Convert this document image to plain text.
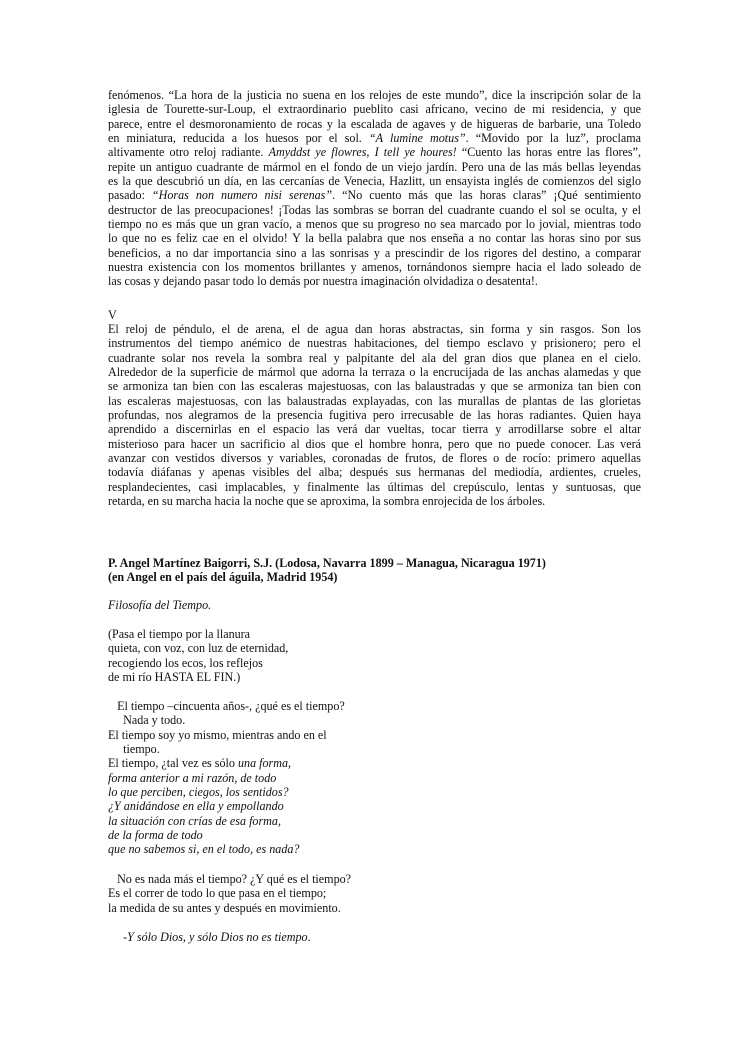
fenómenos. “La hora de la justicia no suena en los relojes de este mundo”, dice la inscripción solar de la
iglesia de Tourette-sur-Loup, el extraordinario pueblito casi africano, vecino de mi residencia, y que
parece, entre el desmoronamiento de rocas y la escalada de agaves y de higueras de barbarie, una Toledo
en miniatura, reducida a los huesos por el sol. “A lumine motus”. “Movido por la luz”, proclama
altivamente otro reloj radiante. Amyddst ye flowres, I tell ye houres! “Cuento las horas entre las flores”,
repite un antiguo cuadrante de mármol en el fondo de un viejo jardín. Pero una de las más bellas leyendas
es la que descubrió un día, en las cercanías de Venecia, Hazlitt, un ensayista inglés de comienzos del siglo
pasado: “Horas non numero nisi serenas”. “No cuento más que las horas claras” ¡Qué sentimiento
destructor de las preocupaciones! ¡Todas las sombras se borran del cuadrante cuando el sol se oculta, y el
tiempo no es más que un gran vacío, a menos que su progreso no sea marcado por lo jovial, mientras todo
lo que no es feliz cae en el olvido! Y la bella palabra que nos enseña a no contar las horas sino por sus
beneficios, a no dar importancia sino a las sonrisas y a prescindir de los rigores del destino, a comparar
nuestra existencia con los momentos brillantes y amenos, tornándonos siempre hacia el lado soleado de
las cosas y dejando pasar todo lo demás por nuestra imaginación olvidadiza o desatenta!.
V
El reloj de péndulo, el de arena, el de agua dan horas abstractas, sin forma y sin rasgos. Son los
instrumentos del tiempo anémico de nuestras habitaciones, del tiempo esclavo y prisionero; pero el
cuadrante solar nos revela la sombra real y palpitante del ala del gran dios que planea en el cielo.
Alrededor de la superficie de mármol que adorna la terraza o la encrucijada de las anchas alamedas y que
se armoniza tan bien con las escaleras majestuosas, con las balaustradas y que se armoniza tan bien con
las escaleras majestuosas, con las balaustradas explayadas, con las murallas de plantas de las glorietas
profundas, nos alegramos de la presencia fugitiva pero irrecusable de las horas radiantes. Quien haya
aprendido a discernirlas en el espacio las verá dar vueltas, tocar tierra y arrodillarse sobre el altar
misterioso para hacer un sacrificio al dios que el hombre honra, pero que no puede conocer. Las verá
avanzar con vestidos diversos y variables, coronadas de frutos, de flores o de rocío: primero aquellas
todavía diáfanas y apenas visibles del alba; después sus hermanas del mediodía, ardientes, crueles,
resplandecientes, casi implacables, y finalmente las últimas del crepúsculo, lentas y suntuosas, que
retarda, en su marcha hacia la noche que se aproxima, la sombra enrojecida de los árboles.
P. Angel Martínez Baigorri, S.J. (Lodosa, Navarra 1899 – Managua, Nicaragua 1971)
(en Angel en el país del águila, Madrid 1954)
Filosofía del Tiempo.
(Pasa el tiempo por la llanura
quieta, con voz, con luz de eternidad,
recogiendo los ecos, los reflejos
de mi río HASTA EL FIN.)
El tiempo –cincuenta años-, ¿qué es el tiempo?
Nada y todo.
El tiempo soy yo mismo, mientras ando en el
tiempo.
El tiempo, ¿tal vez es sólo una forma,
forma anterior a mi razón, de todo
lo que perciben, ciegos, los sentidos?
¿Y anidándose en ella y empollando
la situación con crías de esa forma,
de la forma de todo
que no sabemos si, en el todo, es nada?
No es nada más el tiempo? ¿Y qué es el tiempo?
Es el correr de todo lo que pasa en el tiempo;
la medida de su antes y después en movimiento.
-Y sólo Dios, y sólo Dios no es tiempo.
